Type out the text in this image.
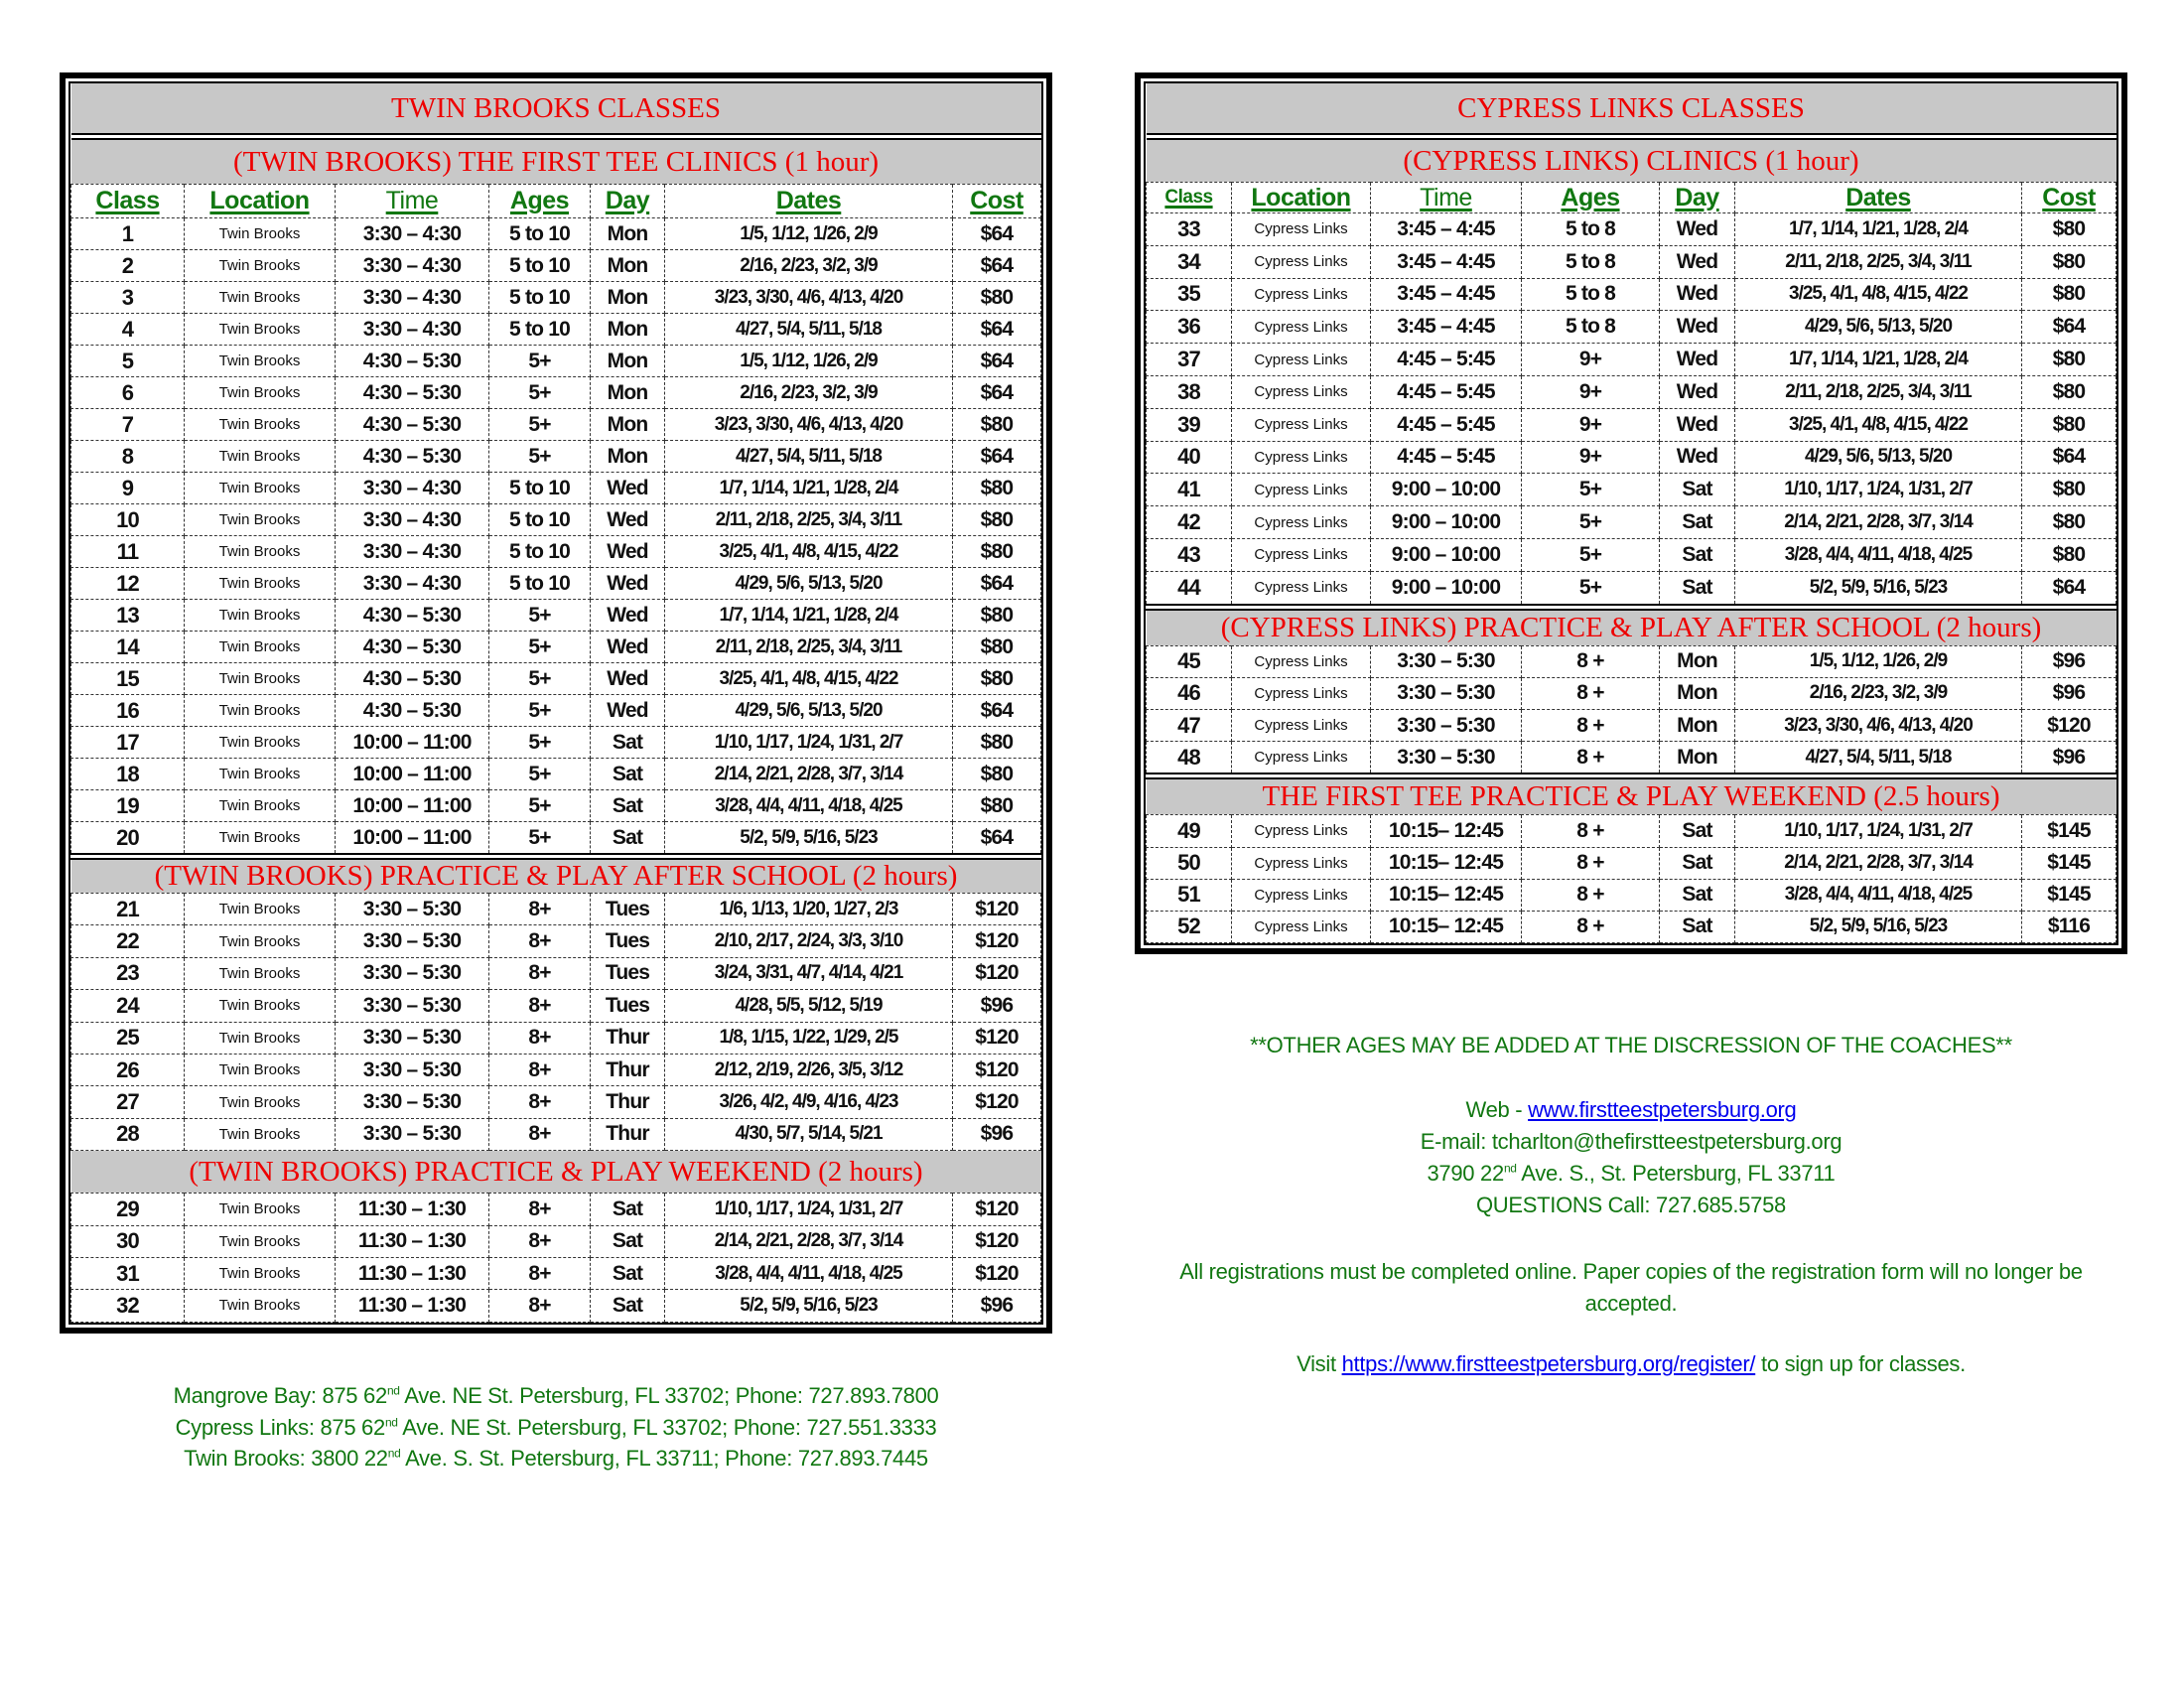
TWIN BROOKS CLASSES						
(TWIN BROOKS) THE FIRST TEE CLINICS (1 hour)						
Class	Location	Time	Ages	Day	Dates	Cost
1	Twin Brooks	3:30 – 4:30	5 to 10	Mon	1/5, 1/12, 1/26, 2/9	$64
2	Twin Brooks	3:30 – 4:30	5 to 10	Mon	2/16, 2/23, 3/2, 3/9	$64
3	Twin Brooks	3:30 – 4:30	5 to 10	Mon	3/23, 3/30, 4/6, 4/13, 4/20	$80
4	Twin Brooks	3:30 – 4:30	5 to 10	Mon	4/27, 5/4, 5/11, 5/18	$64
5	Twin Brooks	4:30 – 5:30	5+	Mon	1/5, 1/12, 1/26, 2/9	$64
6	Twin Brooks	4:30 – 5:30	5+	Mon	2/16, 2/23, 3/2, 3/9	$64
7	Twin Brooks	4:30 – 5:30	5+	Mon	3/23, 3/30, 4/6, 4/13, 4/20	$80
8	Twin Brooks	4:30 – 5:30	5+	Mon	4/27, 5/4, 5/11, 5/18	$64
9	Twin Brooks	3:30 – 4:30	5 to 10	Wed	1/7, 1/14, 1/21, 1/28, 2/4	$80
10	Twin Brooks	3:30 – 4:30	5 to 10	Wed	2/11, 2/18, 2/25, 3/4, 3/11	$80
11	Twin Brooks	3:30 – 4:30	5 to 10	Wed	3/25, 4/1, 4/8, 4/15, 4/22	$80
12	Twin Brooks	3:30 – 4:30	5 to 10	Wed	4/29, 5/6, 5/13, 5/20	$64
13	Twin Brooks	4:30 – 5:30	5+	Wed	1/7, 1/14, 1/21, 1/28, 2/4	$80
14	Twin Brooks	4:30 – 5:30	5+	Wed	2/11, 2/18, 2/25, 3/4, 3/11	$80
15	Twin Brooks	4:30 – 5:30	5+	Wed	3/25, 4/1, 4/8, 4/15, 4/22	$80
16	Twin Brooks	4:30 – 5:30	5+	Wed	4/29, 5/6, 5/13, 5/20	$64
17	Twin Brooks	10:00 – 11:00	5+	Sat	1/10, 1/17, 1/24, 1/31, 2/7	$80
18	Twin Brooks	10:00 – 11:00	5+	Sat	2/14, 2/21, 2/28, 3/7, 3/14	$80
19	Twin Brooks	10:00 – 11:00	5+	Sat	3/28, 4/4, 4/11, 4/18, 4/25	$80
20	Twin Brooks	10:00 – 11:00	5+	Sat	5/2, 5/9, 5/16, 5/23	$64
(TWIN BROOKS) PRACTICE & PLAY AFTER SCHOOL (2 hours)						
21	Twin Brooks	3:30 – 5:30	8+	Tues	1/6, 1/13, 1/20, 1/27, 2/3	$120
22	Twin Brooks	3:30 – 5:30	8+	Tues	2/10, 2/17, 2/24, 3/3, 3/10	$120
23	Twin Brooks	3:30 – 5:30	8+	Tues	3/24, 3/31, 4/7, 4/14, 4/21	$120
24	Twin Brooks	3:30 – 5:30	8+	Tues	4/28, 5/5, 5/12, 5/19	$96
25	Twin Brooks	3:30 – 5:30	8+	Thur	1/8, 1/15, 1/22, 1/29, 2/5	$120
26	Twin Brooks	3:30 – 5:30	8+	Thur	2/12, 2/19, 2/26, 3/5, 3/12	$120
27	Twin Brooks	3:30 – 5:30	8+	Thur	3/26, 4/2, 4/9, 4/16, 4/23	$120
28	Twin Brooks	3:30 – 5:30	8+	Thur	4/30, 5/7, 5/14, 5/21	$96
(TWIN BROOKS) PRACTICE & PLAY WEEKEND (2 hours)						
29	Twin Brooks	11:30 – 1:30	8+	Sat	1/10, 1/17, 1/24, 1/31, 2/7	$120
30	Twin Brooks	11:30 – 1:30	8+	Sat	2/14, 2/21, 2/28, 3/7, 3/14	$120
31	Twin Brooks	11:30 – 1:30	8+	Sat	3/28, 4/4, 4/11, 4/18, 4/25	$120
32	Twin Brooks	11:30 – 1:30	8+	Sat	5/2, 5/9, 5/16, 5/23	$96
CYPRESS LINKS CLASSES						
(CYPRESS LINKS) CLINICS (1 hour)						
Class	Location	Time	Ages	Day	Dates	Cost
33	Cypress Links	3:45 – 4:45	5 to 8	Wed	1/7, 1/14, 1/21, 1/28, 2/4	$80
34	Cypress Links	3:45 – 4:45	5 to 8	Wed	2/11, 2/18, 2/25, 3/4, 3/11	$80
35	Cypress Links	3:45 – 4:45	5 to 8	Wed	3/25, 4/1, 4/8, 4/15, 4/22	$80
36	Cypress Links	3:45 – 4:45	5 to 8	Wed	4/29, 5/6, 5/13, 5/20	$64
37	Cypress Links	4:45 – 5:45	9+	Wed	1/7, 1/14, 1/21, 1/28, 2/4	$80
38	Cypress Links	4:45 – 5:45	9+	Wed	2/11, 2/18, 2/25, 3/4, 3/11	$80
39	Cypress Links	4:45 – 5:45	9+	Wed	3/25, 4/1, 4/8, 4/15, 4/22	$80
40	Cypress Links	4:45 – 5:45	9+	Wed	4/29, 5/6, 5/13, 5/20	$64
41	Cypress Links	9:00 – 10:00	5+	Sat	1/10, 1/17, 1/24, 1/31, 2/7	$80
42	Cypress Links	9:00 – 10:00	5+	Sat	2/14, 2/21, 2/28, 3/7, 3/14	$80
43	Cypress Links	9:00 – 10:00	5+	Sat	3/28, 4/4, 4/11, 4/18, 4/25	$80
44	Cypress Links	9:00 – 10:00	5+	Sat	5/2, 5/9, 5/16, 5/23	$64
(CYPRESS LINKS) PRACTICE & PLAY AFTER SCHOOL (2 hours)						
45	Cypress Links	3:30 – 5:30	8 +	Mon	1/5, 1/12, 1/26, 2/9	$96
46	Cypress Links	3:30 – 5:30	8 +	Mon	2/16, 2/23, 3/2, 3/9	$96
47	Cypress Links	3:30 – 5:30	8 +	Mon	3/23, 3/30, 4/6, 4/13, 4/20	$120
48	Cypress Links	3:30 – 5:30	8 +	Mon	4/27, 5/4, 5/11, 5/18	$96
THE FIRST TEE PRACTICE & PLAY WEEKEND (2.5 hours)						
49	Cypress Links	10:15– 12:45	8 +	Sat	1/10, 1/17, 1/24, 1/31, 2/7	$145
50	Cypress Links	10:15– 12:45	8 +	Sat	2/14, 2/21, 2/28, 3/7, 3/14	$145
51	Cypress Links	10:15– 12:45	8 +	Sat	3/28, 4/4, 4/11, 4/18, 4/25	$145
52	Cypress Links	10:15– 12:45	8 +	Sat	5/2, 5/9, 5/16, 5/23	$116
**OTHER AGES MAY BE ADDED AT THE DISCRESSION OF THE COACHES**
Web - www.firstteestpetersburg.org
E-mail: tcharlton@thefirstteestpetersburg.org
3790 22nd Ave. S., St. Petersburg, FL 33711
QUESTIONS Call: 727.685.5758
All registrations must be completed online. Paper copies of the registration form will no longer be accepted.
Visit https://www.firstteestpetersburg.org/register/ to sign up for classes.
Mangrove Bay: 875 62nd Ave. NE St. Petersburg, FL 33702; Phone: 727.893.7800
Cypress Links: 875 62nd Ave. NE St. Petersburg, FL 33702; Phone: 727.551.3333
Twin Brooks: 3800 22nd Ave. S. St. Petersburg, FL 33711; Phone: 727.893.7445
